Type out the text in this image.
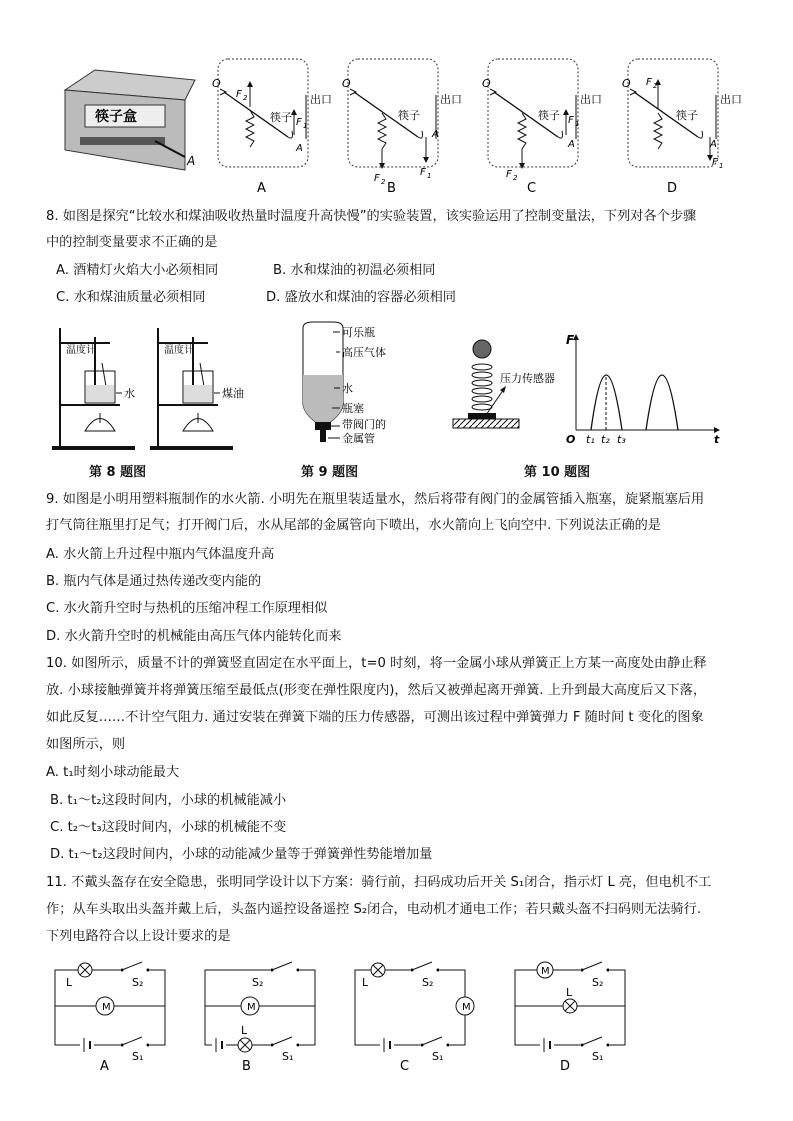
筷子盒
A
O
F 2
F 1
筷子
出口
A
A
O
F 2
F 1
筷子
出口
A
B
O
F 2
F 1
筷子
出口
A
C
O F 2
F 1
筷子
出口
A
D
8. 如图是探究“比较水和煤油吸收热量时温度升高快慢”的实验装置，该实验运用了控制变量法，下列对各个步骤
中的控制变量要求不正确的是
A. 酒精灯火焰大小必须相同	B. 水和煤油的初温必须相同
C. 水和煤油质量必须相同	D. 盛放水和煤油的容器必须相同
温度计
水
温度计
煤油
第 8 题图
可乐瓶
高压气体
水
瓶塞
带阀门的
金属管
第 9 题图
压力传感器
F
O	t
t₁ t₂ t₃
第 10 题图
9. 如图是小明用塑料瓶制作的水火箭. 小明先在瓶里装适量水，然后将带有阀门的金属管插入瓶塞，旋紧瓶塞后用
打气筒往瓶里打足气；打开阀门后，水从尾部的金属管向下喷出，水火箭向上飞向空中. 下列说法正确的是
A. 水火箭上升过程中瓶内气体温度升高
B. 瓶内气体是通过热传递改变内能的
C. 水火箭升空时与热机的压缩冲程工作原理相似
D. 水火箭升空时的机械能由高压气体内能转化而来
10. 如图所示，质量不计的弹簧竖直固定在水平面上，t=0 时刻，将一金属小球从弹簧正上方某一高度处由静止释
放. 小球接触弹簧并将弹簧压缩至最低点(形变在弹性限度内)，然后又被弹起离开弹簧. 上升到最大高度后又下落，
如此反复……不计空气阻力. 通过安装在弹簧下端的压力传感器，可测出该过程中弹簧弹力 F 随时间 t 变化的图象
如图所示，则
A. t₁时刻小球动能最大
B. t₁～t₂这段时间内，小球的机械能减小
C. t₂～t₃这段时间内，小球的机械能不变
D. t₁～t₂这段时间内，小球的动能减少量等于弹簧弹性势能增加量
11. 不戴头盔存在安全隐患，张明同学设计以下方案：骑行前，扫码成功后开关 S₁闭合，指示灯 L 亮，但电机不工
作；从车头取出头盔并戴上后，头盔内遥控设备遥控 S₂闭合，电动机才通电工作；若只戴头盔不扫码则无法骑行.
下列电路符合以上设计要求的是
M
L	S₂
S₁
A
M
L
S₂
S₁
B
M
L	S₂
S₁
C
M
L
S₂
S₁
D
